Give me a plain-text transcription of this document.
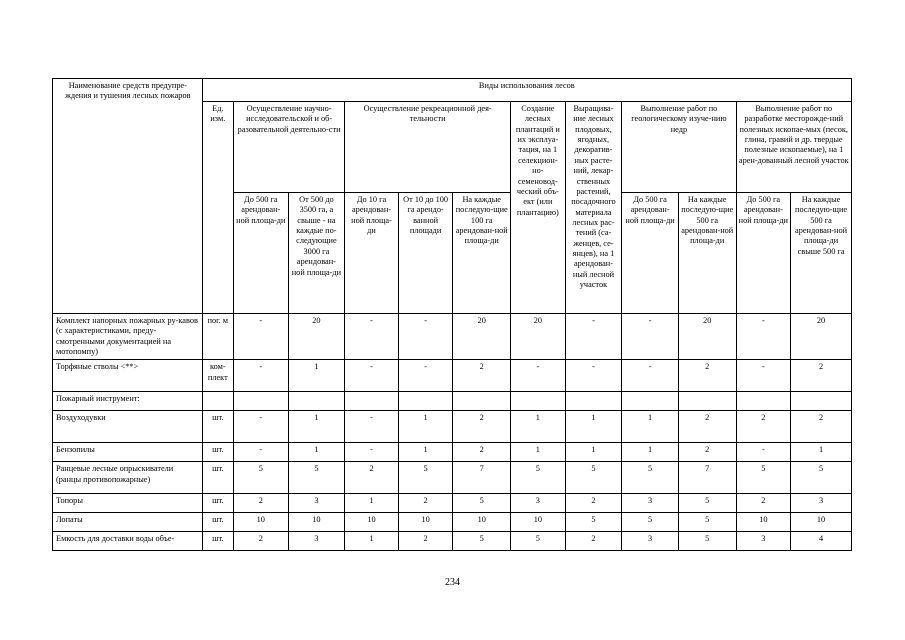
Наименование средств предупре-
ждения и тушения лесных пожаров	Виды использования лесов											
	Ед. изм.	Осуществление научно-исследовательской и об-разовательной деятельно-сти		Осуществление рекреационной дея-тельности			Создание лесных плантаций и их эксплуа-тация, на 1 селекцион-но-семеновод-ческий объ-ект (или плантацию)	Выращива-ние лесных плодовых, ягодных, декоратив-ных расте-ний, лекар-ственных растений, посадочного материала лесных рас-тений (са-женцев, се-янцев), на 1 арендован-ный лесной участок	Выполнение работ по геологическому изуче-нию недр		Выполнение работ по разработке месторожде-ний полезных ископае-мых (песок, глина, гравий и др. твердые полезные ископаемые), на 1 арен-дованный лесной участок	
		До 500 га арендован-ной площа-ди	От 500 до 3500 га, а свыше - на каждые по-следующие 3000 га арендован-ной площа-ди	До 10 га арендован-ной площа-ди	От 10 до 100 га арендо-ванной площади	На каждые последую-щие 100 га арендован-ной площа-ди			До 500 га арендован-ной площа-ди	На каждые последую-щие 500 га арендован-ной площа-ди	До 500 га арендован-ной площа-ди	На каждые последую-щие 500 га арендован-ной площа-ди свыше 500 га
Комплект напорных пожарных ру-кавов (с характеристиками, преду-смотренными документацией на мотопомпу)	пог. м	-	20	-	-	20	20	-	-	20	-	20
Торфяные стволы <**>	ком-плект	-	1	-	-	2	-	-	-	2	-	2
Пожарный инструмент:												
Воздуходувки	шт.	-	1	-	1	2	1	1	1	2	2	2
Бензопилы	шт.	-	1	-	1	2	1	1	1	2	-	1
Ранцевые лесные опрыскиватели (ранцы противопожарные)	шт.	5	5	2	5	7	5	5	5	7	5	5
Топоры	шт.	2	3	1	2	5	3	2	3	5	2	3
Лопаты	шт.	10	10	10	10	10	10	5	5	5	10	10
Емкость для доставки воды объе-	шт.	2	3	1	2	5	5	2	3	5	3	4
234
